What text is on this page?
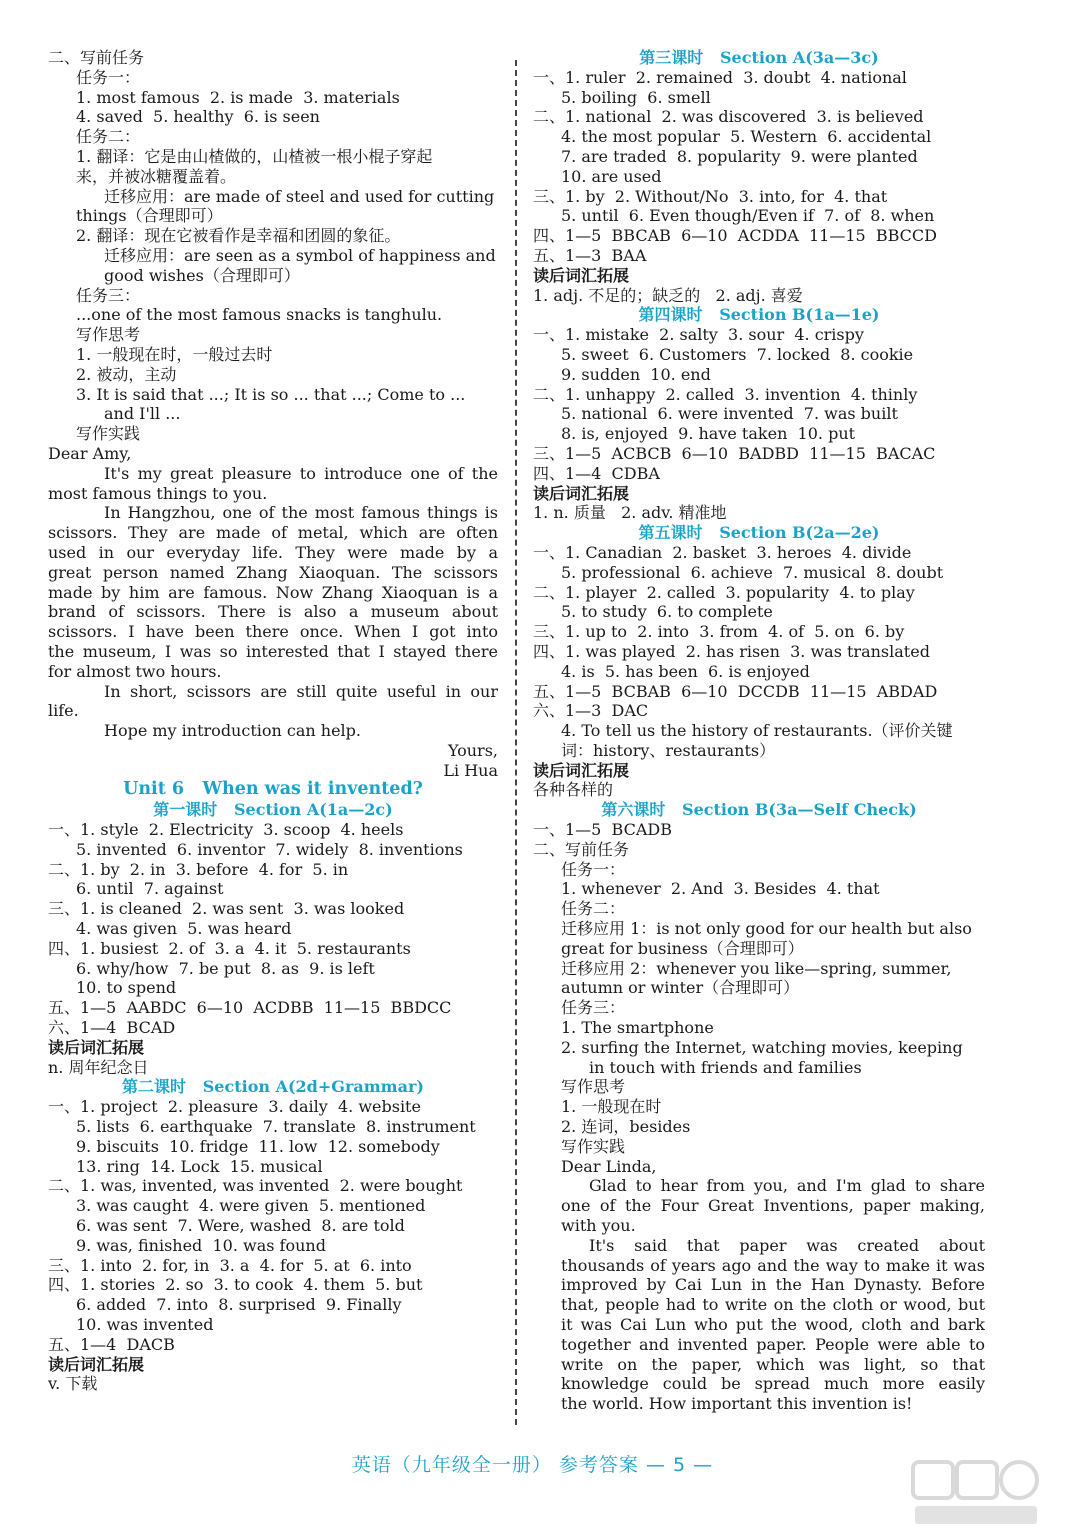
二、写前任务
任务一：
1. most famous  2. is made  3. materials
4. saved  5. healthy  6. is seen
任务二：
1. 翻译：它是由山楂做的，山楂被一根小棍子穿起
来，并被冰糖覆盖着。
迁移应用：are made of steel and used for cutting
things（合理即可）
2. 翻译：现在它被看作是幸福和团圆的象征。
迁移应用：are seen as a symbol of happiness and
good wishes（合理即可）
任务三：
...one of the most famous snacks is tanghulu.
写作思考
1. 一般现在时，一般过去时
2. 被动，主动
3. It is said that ...; It is so ... that ...; Come to ...
and I'll ...
写作实践
Dear Amy,
It's my great pleasure to introduce one of the
most famous things to you.
In Hangzhou, one of the most famous things is
scissors. They are made of metal, which are often
used in our everyday life. They were made by a
great person named Zhang Xiaoquan. The scissors
made by him are famous. Now Zhang Xiaoquan is a
brand of scissors. There is also a museum about
scissors. I have been there once. When I got into
the museum, I was so interested that I stayed there
for almost two hours.
In short, scissors are still quite useful in our
life.
Hope my introduction can help.
Yours,
Li Hua
Unit 6   When was it invented?
第一课时   Section A(1a—2c)
一、1. style  2. Electricity  3. scoop  4. heels
5. invented  6. inventor  7. widely  8. inventions
二、1. by  2. in  3. before  4. for  5. in
6. until  7. against
三、1. is cleaned  2. was sent  3. was looked
4. was given  5. was heard
四、1. busiest  2. of  3. a  4. it  5. restaurants
6. why/how  7. be put  8. as  9. is left
10. to spend
五、1—5  AABDC  6—10  ACDBB  11—15  BBDCC
六、1—4  BCAD
读后词汇拓展
n. 周年纪念日
第二课时   Section A(2d+Grammar)
一、1. project  2. pleasure  3. daily  4. website
5. lists  6. earthquake  7. translate  8. instrument
9. biscuits  10. fridge  11. low  12. somebody
13. ring  14. Lock  15. musical
二、1. was, invented, was invented  2. were bought
3. was caught  4. were given  5. mentioned
6. was sent  7. Were, washed  8. are told
9. was, finished  10. was found
三、1. into  2. for, in  3. a  4. for  5. at  6. into
四、1. stories  2. so  3. to cook  4. them  5. but
6. added  7. into  8. surprised  9. Finally
10. was invented
五、1—4  DACB
读后词汇拓展
v. 下载
第三课时   Section A(3a—3c)
一、1. ruler  2. remained  3. doubt  4. national
5. boiling  6. smell
二、1. national  2. was discovered  3. is believed
4. the most popular  5. Western  6. accidental
7. are traded  8. popularity  9. were planted
10. are used
三、1. by  2. Without/No  3. into, for  4. that
5. until  6. Even though/Even if  7. of  8. when
四、1—5  BBCAB  6—10  ACDDA  11—15  BBCCD
五、1—3  BAA
读后词汇拓展
1. adj. 不足的；缺乏的   2. adj. 喜爱
第四课时   Section B(1a—1e)
一、1. mistake  2. salty  3. sour  4. crispy
5. sweet  6. Customers  7. locked  8. cookie
9. sudden  10. end
二、1. unhappy  2. called  3. invention  4. thinly
5. national  6. were invented  7. was built
8. is, enjoyed  9. have taken  10. put
三、1—5  ACBCB  6—10  BADBD  11—15  BACAC
四、1—4  CDBA
读后词汇拓展
1. n. 质量   2. adv. 精准地
第五课时   Section B(2a—2e)
一、1. Canadian  2. basket  3. heroes  4. divide
5. professional  6. achieve  7. musical  8. doubt
二、1. player  2. called  3. popularity  4. to play
5. to study  6. to complete
三、1. up to  2. into  3. from  4. of  5. on  6. by
四、1. was played  2. has risen  3. was translated
4. is  5. has been  6. is enjoyed
五、1—5  BCBAB  6—10  DCCDB  11—15  ABDAD
六、1—3  DAC
4. To tell us the history of restaurants.（评价关键
词：history、restaurants）
读后词汇拓展
各种各样的
第六课时   Section B(3a—Self Check)
一、1—5  BCADB
二、写前任务
任务一：
1. whenever  2. And  3. Besides  4. that
任务二：
迁移应用 1：is not only good for our health but also
great for business（合理即可）
迁移应用 2：whenever you like—spring, summer,
autumn or winter（合理即可）
任务三：
1. The smartphone
2. surfing the Internet, watching movies, keeping
in touch with friends and families
写作思考
1. 一般现在时
2. 连词，besides
写作实践
Dear Linda,
Glad to hear from you, and I'm glad to share
one of the Four Great Inventions, paper making,
with you.
It's said that paper was created about
thousands of years ago and the way to make it was
improved by Cai Lun in the Han Dynasty. Before
that, people had to write on the cloth or wood, but
it was Cai Lun who put the wood, cloth and bark
together and invented paper. People were able to
write on the paper, which was light, so that
knowledge could be spread much more easily
the world. How important this invention is!
英语（九年级全一册） 参考答案 — 5 —
